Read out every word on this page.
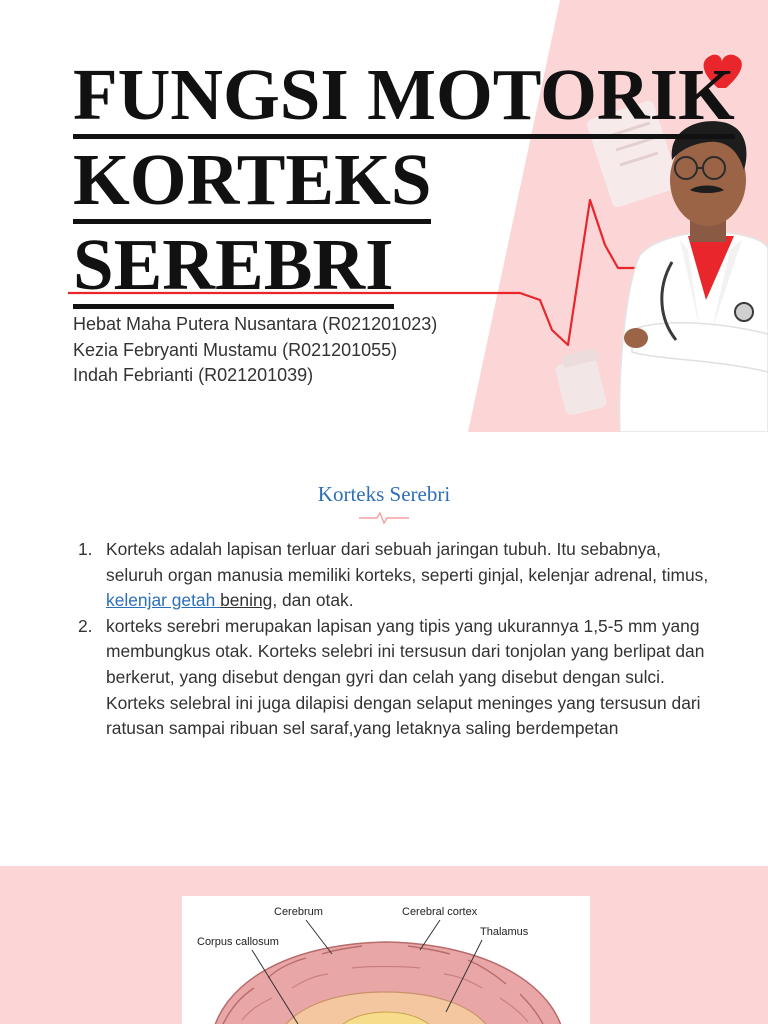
FUNGSI MOTORIK
KORTEKS
SEREBRI
Hebat Maha Putera Nusantara (R021201023)
Kezia Febryanti Mustamu (R021201055)
Indah Febrianti (R021201039)
Korteks Serebri
1. Korteks adalah lapisan terluar dari sebuah jaringan tubuh. Itu sebabnya, seluruh organ manusia memiliki korteks, seperti ginjal, kelenjar adrenal, timus, kelenjar getah bening, dan otak.
2. korteks serebri merupakan lapisan yang tipis yang ukurannya 1,5-5 mm yang membungkus otak. Korteks selebri ini tersusun dari tonjolan yang berlipat dan berkerut, yang disebut dengan gyri dan celah yang disebut dengan sulci. Korteks selebral ini juga dilapisi dengan selaput meninges yang tersusun dari ratusan sampai ribuan sel saraf,yang letaknya saling berdempetan
Cerebrum	Cerebral cortex
Thalamus
Corpus callosum
